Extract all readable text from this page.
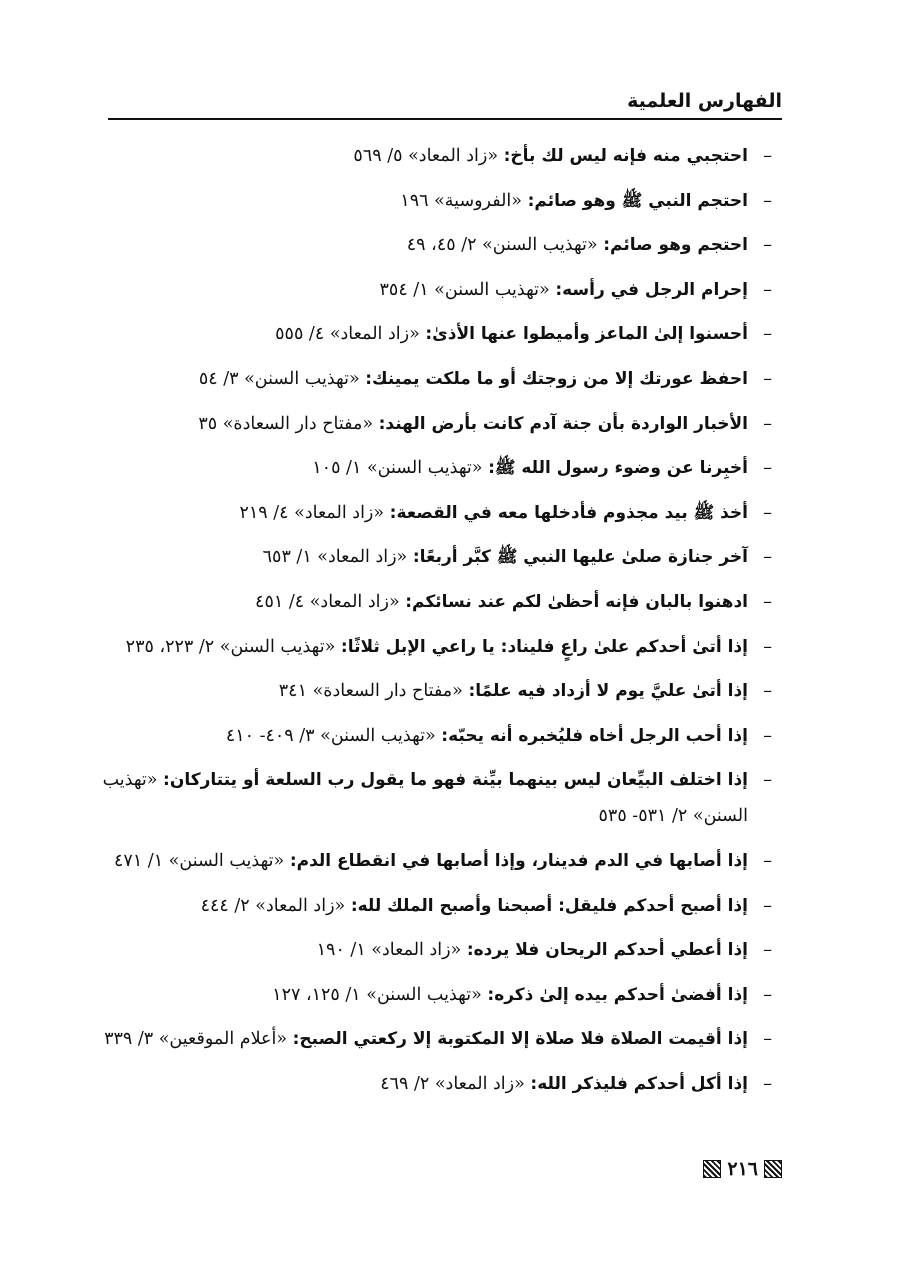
الفهارس العلمية
–
احتجبي منه فإنه ليس لك بأخ: «زاد المعاد» ٥/ ٥٦٩
–
احتجم النبي ﷺ وهو صائم: «الفروسية» ١٩٦
–
احتجم وهو صائم: «تهذيب السنن» ٢/ ٤٥، ٤٩
–
إحرام الرجل في رأسه: «تهذيب السنن» ١/ ٣٥٤
–
أحسنوا إلىٰ الماعز وأميطوا عنها الأذىٰ: «زاد المعاد» ٤/ ٥٥٥
–
احفظ عورتك إلا من زوجتك أو ما ملكت يمينك: «تهذيب السنن» ٣/ ٥٤
–
الأخبار الواردة بأن جنة آدم كانت بأرض الهند: «مفتاح دار السعادة» ٣٥
–
أخبِرنا عن وضوء رسول الله ﷺ: «تهذيب السنن» ١/ ١٠٥
–
أخذ ﷺ بيد مجذوم فأدخلها معه في القصعة: «زاد المعاد» ٤/ ٢١٩
–
آخر جنازة صلىٰ عليها النبي ﷺ كبَّر أربعًا: «زاد المعاد» ١/ ٦٥٣
–
ادهنوا بالبان فإنه أحظىٰ لكم عند نسائكم: «زاد المعاد» ٤/ ٤٥١
–
إذا أتىٰ أحدكم علىٰ راعٍ فليناد: يا راعي الإبل ثلاثًا: «تهذيب السنن» ٢/ ٢٢٣، ٢٣٥
–
إذا أتىٰ عليَّ يوم لا أزداد فيه علمًا: «مفتاح دار السعادة» ٣٤١
–
إذا أحب الرجل أخاه فليُخبره أنه يحبّه: «تهذيب السنن» ٣/ ٤٠٩- ٤١٠
–
إذا اختلف البيِّعان ليس بينهما بيِّنة فهو ما يقول رب السلعة أو يتتاركان: «تهذيب السنن» ٢/ ٥٣١- ٥٣٥
–
إذا أصابها في الدم فدينار، وإذا أصابها في انقطاع الدم: «تهذيب السنن» ١/ ٤٧١
–
إذا أصبح أحدكم فليقل: أصبحنا وأصبح الملك لله: «زاد المعاد» ٢/ ٤٤٤
–
إذا أعطي أحدكم الريحان فلا يرده: «زاد المعاد» ١/ ١٩٠
–
إذا أفضىٰ أحدكم بيده إلىٰ ذكره: «تهذيب السنن» ١/ ١٢٥، ١٢٧
–
إذا أقيمت الصلاة فلا صلاة إلا المكتوبة إلا ركعتي الصبح: «أعلام الموقعين» ٣/ ٣٣٩
–
إذا أكل أحدكم فليذكر الله: «زاد المعاد» ٢/ ٤٦٩
٢١٦
